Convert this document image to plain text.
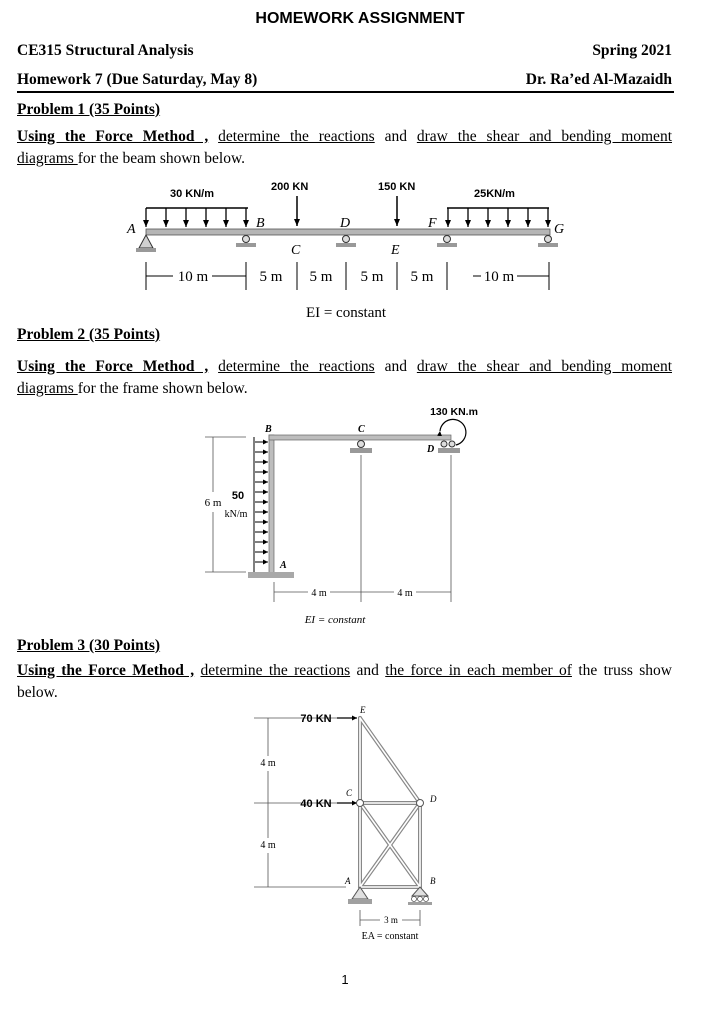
HOMEWORK ASSIGNMENT
CE315 Structural Analysis	Spring 2021
Homework 7 (Due Saturday, May 8)	Dr. Ra’ed Al-Mazaidh
Problem 1 (35 Points)
Using the Force Method , determine the reactions and draw the shear and bending moment
diagrams for the beam shown below.
30 KN/m
200 KN	150 KN
25KN/m
A	B
C
D
E
F	G
10 m	5 m 5 m 5 m 5 m	10 m
EI = constant
6 m
50
kN/m
130 KN.m
B	C
D
A
4 m	4 m
EI = constant
4 m
4 m
70 KN
40 KN
E
C
D
A	B
3 m
EA = constant
Problem 2 (35 Points)
Using the Force Method , determine the reactions and draw the shear and bending moment
diagrams for the frame shown below.
Problem 3 (30 Points)
Using the Force Method , determine the reactions and the force in each member of the truss show
below.
1
